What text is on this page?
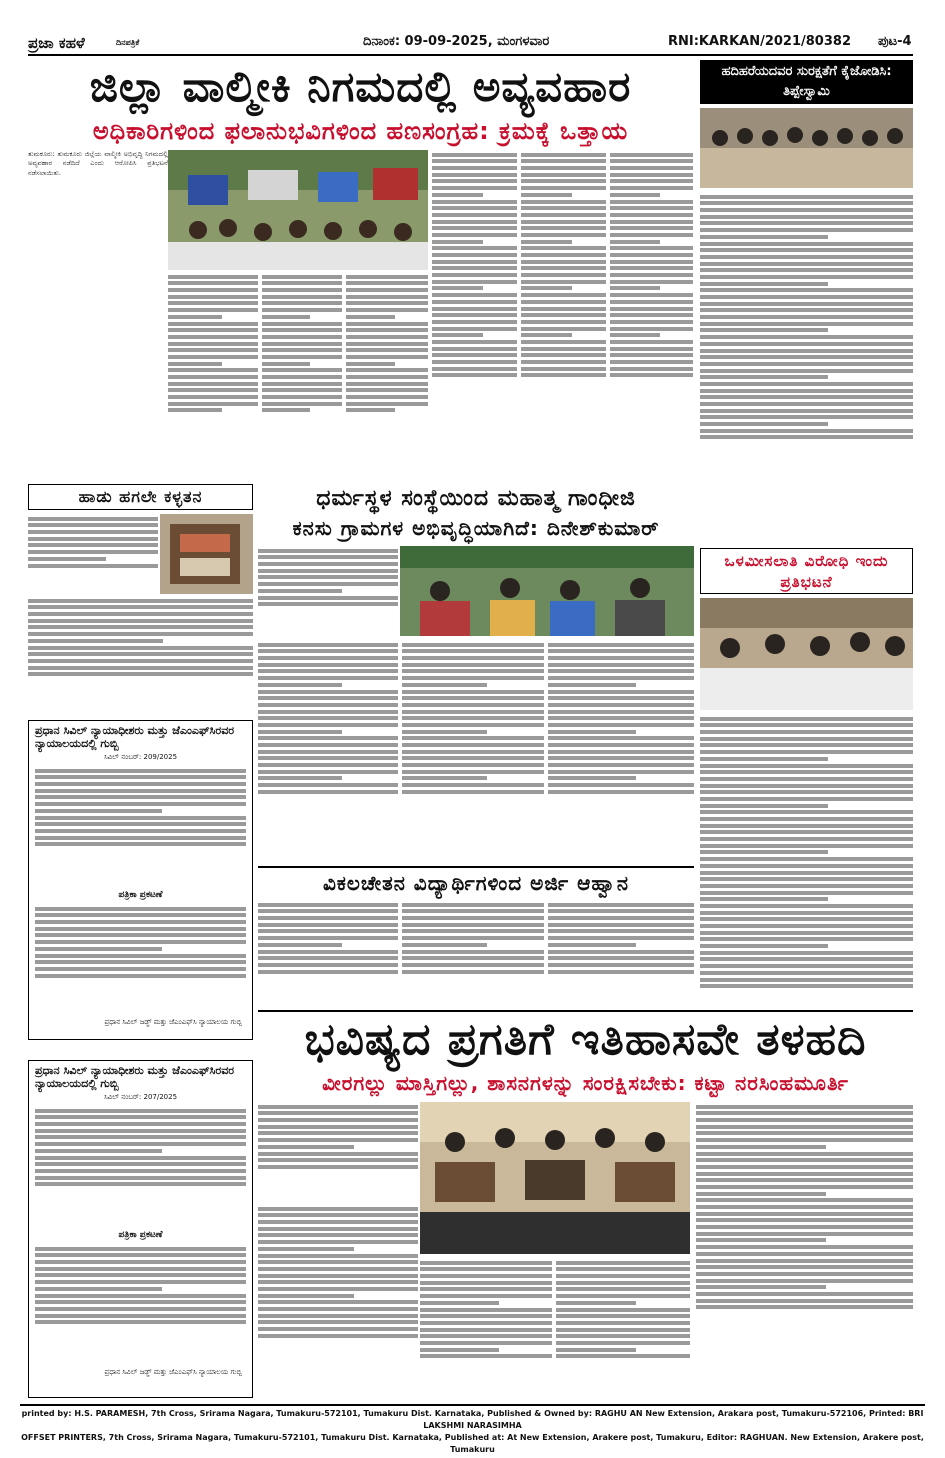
ಪ್ರಜಾ ಕಹಳೆ	ದಿನಪತ್ರಿಕೆ	ದಿನಾಂಕ: 09-09-2025, ಮಂಗಳವಾರ	RNI:KARKAN/2021/80382 ಪುಟ-4
ಜಿಲ್ಲಾ ವಾಲ್ಮೀಕಿ ನಿಗಮದಲ್ಲಿ ಅವ್ಯವಹಾರ
ಅಧಿಕಾರಿಗಳಿಂದ ಫಲಾನುಭವಿಗಳಿಂದ ಹಣಸಂಗ್ರಹ: ಕ್ರಮಕ್ಕೆ ಒತ್ತಾಯ
ತುಮಕೂರು: ತುಮಕೂರು ಜಿಲ್ಲೆಯ ವಾಲ್ಮೀಕಿ ಅಭಿವೃದ್ಧಿ ನಿಗಮದಲ್ಲಿ ಅವ್ಯವಹಾರ ನಡೆದಿದೆ ಎಂದು ಆರೋಪಿಸಿ ಪ್ರತಿಭಟನೆ ನಡೆಸಲಾಯಿತು.
ಹದಿಹರೆಯದವರ ಸುರಕ್ಷತೆಗೆ ಕೈಜೋಡಿಸಿ: ತಿಪ್ಪೇಸ್ವಾಮಿ
ಹಾಡು ಹಗಲೇ ಕಳ್ಳತನ	ಧರ್ಮಸ್ಥಳ ಸಂಸ್ಥೆಯಿಂದ ಮಹಾತ್ಮ ಗಾಂಧೀಜಿ
ಕನಸು ಗ್ರಾಮಗಳ ಅಭಿವೃದ್ಧಿಯಾಗಿದೆ: ದಿನೇಶ್‌ಕುಮಾರ್
ಒಳಮೀಸಲಾತಿ ವಿರೋಧಿ ಇಂದು ಪ್ರತಿಭಟನೆ
ಪ್ರಧಾನ ಸಿವಿಲ್ ನ್ಯಾಯಾಧೀಶರು ಮತ್ತು ಜೆಎಂಎಫ್‌ಸಿರವರ ನ್ಯಾಯಾಲಯದಲ್ಲಿ ಗುಬ್ಬಿ
ಸಿವಿಲ್ ನಂಬರ್: 209/2025
ಪತ್ರಿಕಾ ಪ್ರಕಟಣೆ
ಪ್ರಧಾನ ಸಿವಿಲ್ ಜಡ್ಜ್ ಮತ್ತು ಜೆಎಂಎಫ್‌ಸಿ ನ್ಯಾಯಾಲಯ ಗುಬ್ಬಿ
ಪ್ರಧಾನ ಸಿವಿಲ್ ನ್ಯಾಯಾಧೀಶರು ಮತ್ತು ಜೆಎಂಎಫ್‌ಸಿರವರ ನ್ಯಾಯಾಲಯದಲ್ಲಿ ಗುಬ್ಬಿ
ಸಿವಿಲ್ ನಂಬರ್: 207/2025
ಪತ್ರಿಕಾ ಪ್ರಕಟಣೆ
ಪ್ರಧಾನ ಸಿವಿಲ್ ಜಡ್ಜ್ ಮತ್ತು ಜೆಎಂಎಫ್‌ಸಿ ನ್ಯಾಯಾಲಯ ಗುಬ್ಬಿ
ವಿಕಲಚೇತನ ವಿದ್ಯಾರ್ಥಿಗಳಿಂದ ಅರ್ಜಿ ಆಹ್ವಾನ
ಭವಿಷ್ಯದ ಪ್ರಗತಿಗೆ ಇತಿಹಾಸವೇ ತಳಹದಿ
ವೀರಗಲ್ಲು ಮಾಸ್ತಿಗಲ್ಲು, ಶಾಸನಗಳನ್ನು ಸಂರಕ್ಷಿಸಬೇಕು: ಕಟ್ಟಾ ನರಸಿಂಹಮೂರ್ತಿ
printed by: H.S. PARAMESH, 7th Cross, Srirama Nagara, Tumakuru-572101, Tumakuru Dist. Karnataka, Published & Owned by: RAGHU AN New Extension, Arakara post, Tumakuru-572106, Printed: BRI LAKSHMI NARASIMHA
OFFSET PRINTERS, 7th Cross, Srirama Nagara, Tumakuru-572101, Tumakuru Dist. Karnataka, Published at: At New Extension, Arakere post, Tumakuru, Editor: RAGHUAN. New Extension, Arakere post, Tumakuru
